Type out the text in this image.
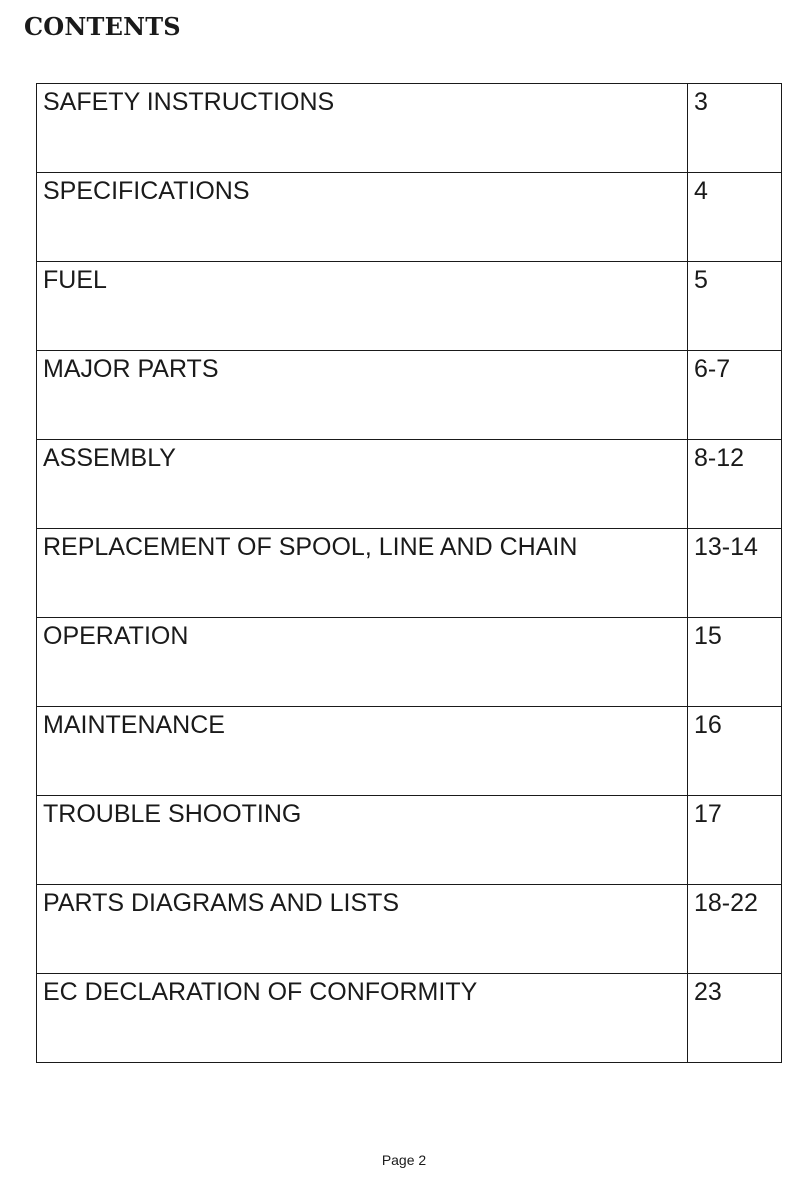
CONTENTS
SAFETY INSTRUCTIONS	3
SPECIFICATIONS	4
FUEL	5
MAJOR PARTS	6-7
ASSEMBLY	8-12
REPLACEMENT OF SPOOL, LINE AND CHAIN	13-14
OPERATION	15
MAINTENANCE	16
TROUBLE SHOOTING	17
PARTS DIAGRAMS AND LISTS	18-22
EC DECLARATION OF CONFORMITY	23
Page 2
